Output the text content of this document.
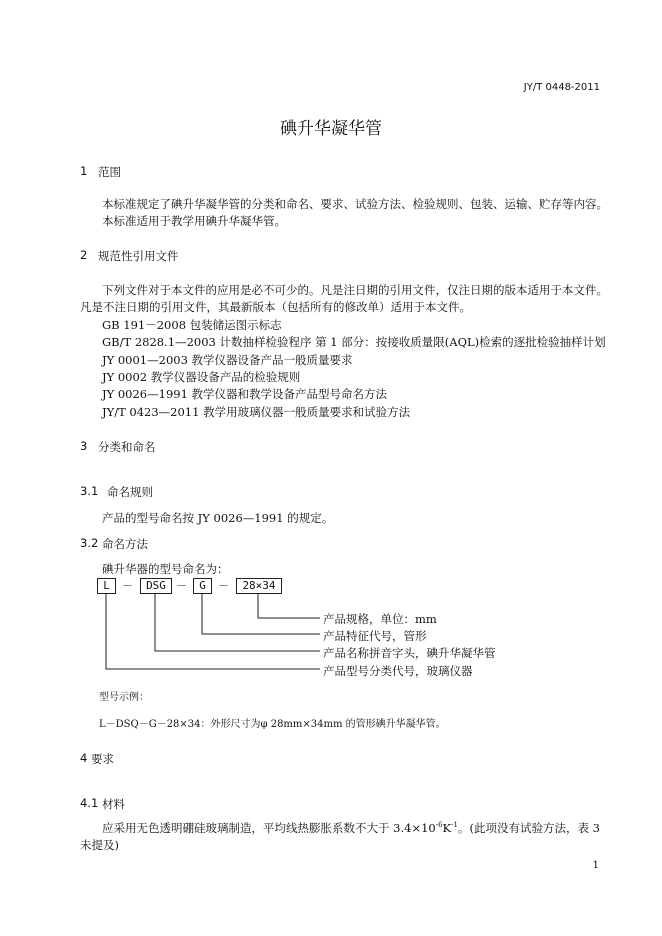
JY/T 0448-2011
碘升华凝华管
1 范围
本标准规定了碘升华凝华管的分类和命名、要求、试验方法、检验规则、包装、运输、贮存等内容。
本标准适用于教学用碘升华凝华管。
2 规范性引用文件
下列文件对于本文件的应用是必不可少的。凡是注日期的引用文件，仅注日期的版本适用于本文件。
凡是不注日期的引用文件，其最新版本（包括所有的修改单）适用于本文件。
GB 191－2008 包装储运图示标志
GB/T 2828.1—2003 计数抽样检验程序 第 1 部分：按接收质量限(AQL)检索的逐批检验抽样计划
JY 0001—2003 教学仪器设备产品一般质量要求
JY 0002 教学仪器设备产品的检验规则
JY 0026—1991 教学仪器和教学设备产品型号命名方法
JY/T 0423—2011 教学用玻璃仪器一般质量要求和试验方法
3 分类和命名
3.1 命名规则
产品的型号命名按 JY 0026—1991 的规定。
3.2 命名方法
碘升华器的型号命名为：
L	－	DSG －	G	－	28×34
产品规格，单位：mm
产品特征代号，管形
产品名称拼音字头，碘升华凝华管
产品型号分类代号，玻璃仪器
型号示例：
L－DSQ－G－28×34：外形尺寸为φ 28mm×34mm 的管形碘升华凝华管。
4 要求
4.1 材料
应采用无色透明硼硅玻璃制造，平均线热膨胀系数不大于 $3.4\times 10^{-6}K^{-1}$。(此项没有试验方法，表 3
未提及)
1
